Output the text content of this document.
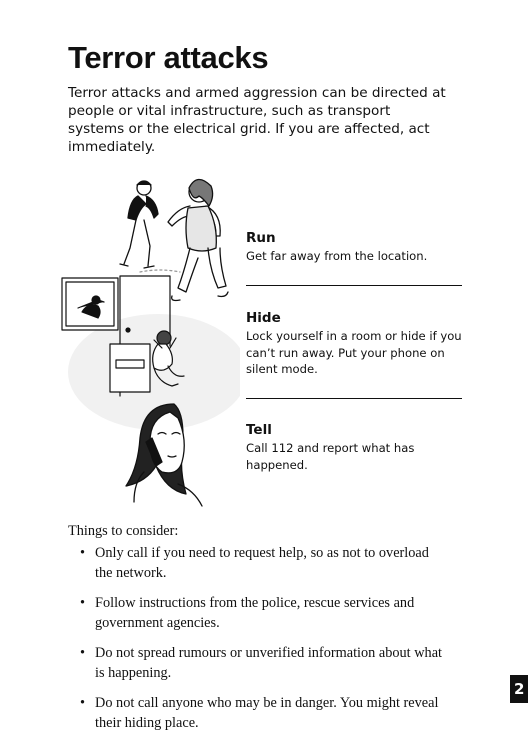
Terror attacks

Terror attacks and armed aggression can be directed at people or vital infrastructure, such as transport systems or the electrical grid. If you are affected, act immediately.

Run

Get far away from the location.

Hide

Lock yourself in a room or hide if you can’t run away. Put your phone on silent mode.

Tell

Call 112 and report what has happened.

Things to consider:

• Only call if you need to request help, so as not to overload the network.
• Follow instructions from the police, rescue services and government agencies.
• Do not spread rumours or unverified information about what is happening.
• Do not call anyone who may be in danger. You might reveal their hiding place.
2
